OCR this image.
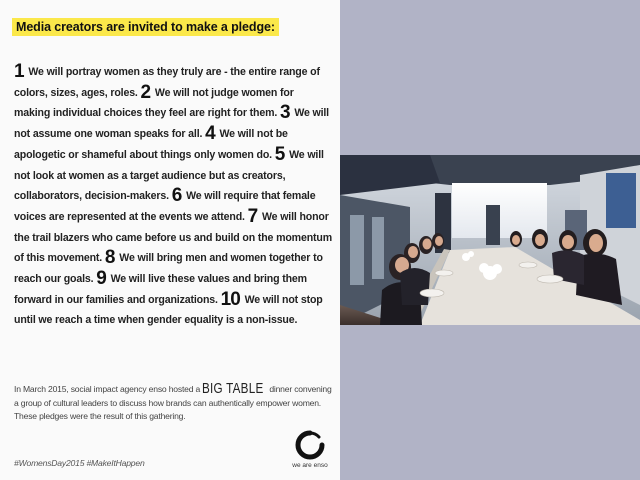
Media creators are invited to make a pledge:
1 We will portray women as they truly are - the entire range of colors, sizes, ages, roles. 2 We will not judge women for making individual choices they feel are right for them. 3 We will not assume one woman speaks for all. 4 We will not be apologetic or shameful about things only women do. 5 We will not look at women as a target audience but as creators, collaborators, decision-makers. 6 We will require that female voices are represented at the events we attend. 7 We will honor the trail blazers who came before us and build on the momentum of this movement. 8 We will bring men and women together to reach our goals. 9 We will live these values and bring them forward in our families and organizations. 10 We will not stop until we reach a time when gender equality is a non-issue.
In March 2015, social impact agency enso hosted a BIG TABLE dinner convening a group of cultural leaders to discuss how brands can authentically empower women. These pledges were the result of this gathering.
#WomensDay2015 #MakeItHappen	we are enso
